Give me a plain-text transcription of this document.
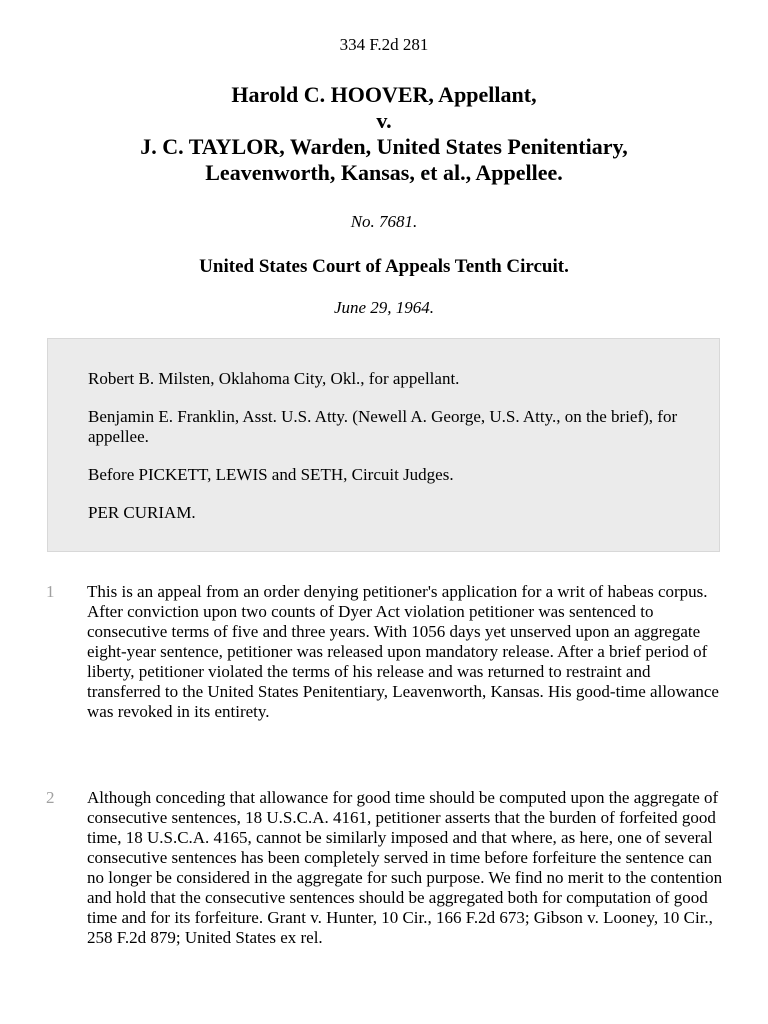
334 F.2d 281
Harold C. HOOVER, Appellant,
v.
J. C. TAYLOR, Warden, United States Penitentiary,
Leavenworth, Kansas, et al., Appellee.
No. 7681.
United States Court of Appeals Tenth Circuit.
June 29, 1964.

Robert B. Milsten, Oklahoma City, Okl., for appellant.

Benjamin E. Franklin, Asst. U.S. Atty. (Newell A. George, U.S. Atty., on the brief), for appellee.

Before PICKETT, LEWIS and SETH, Circuit Judges.

PER CURIAM.

1 This is an appeal from an order denying petitioner's application for a writ of habeas corpus. After conviction upon two counts of Dyer Act violation petitioner was sentenced to consecutive terms of five and three years. With 1056 days yet unserved upon an aggregate eight-year sentence, petitioner was released upon mandatory release. After a brief period of liberty, petitioner violated the terms of his release and was returned to restraint and transferred to the United States Penitentiary, Leavenworth, Kansas. His good-time allowance was revoked in its entirety.

2 Although conceding that allowance for good time should be computed upon the aggregate of consecutive sentences, 18 U.S.C.A. 4161, petitioner asserts that the burden of forfeited good time, 18 U.S.C.A. 4165, cannot be similarly imposed and that where, as here, one of several consecutive sentences has been completely served in time before forfeiture the sentence can no longer be considered in the aggregate for such purpose. We find no merit to the contention and hold that the consecutive sentences should be aggregated both for computation of good time and for its forfeiture. Grant v. Hunter, 10 Cir., 166 F.2d 673; Gibson v. Looney, 10 Cir., 258 F.2d 879; United States ex rel.
